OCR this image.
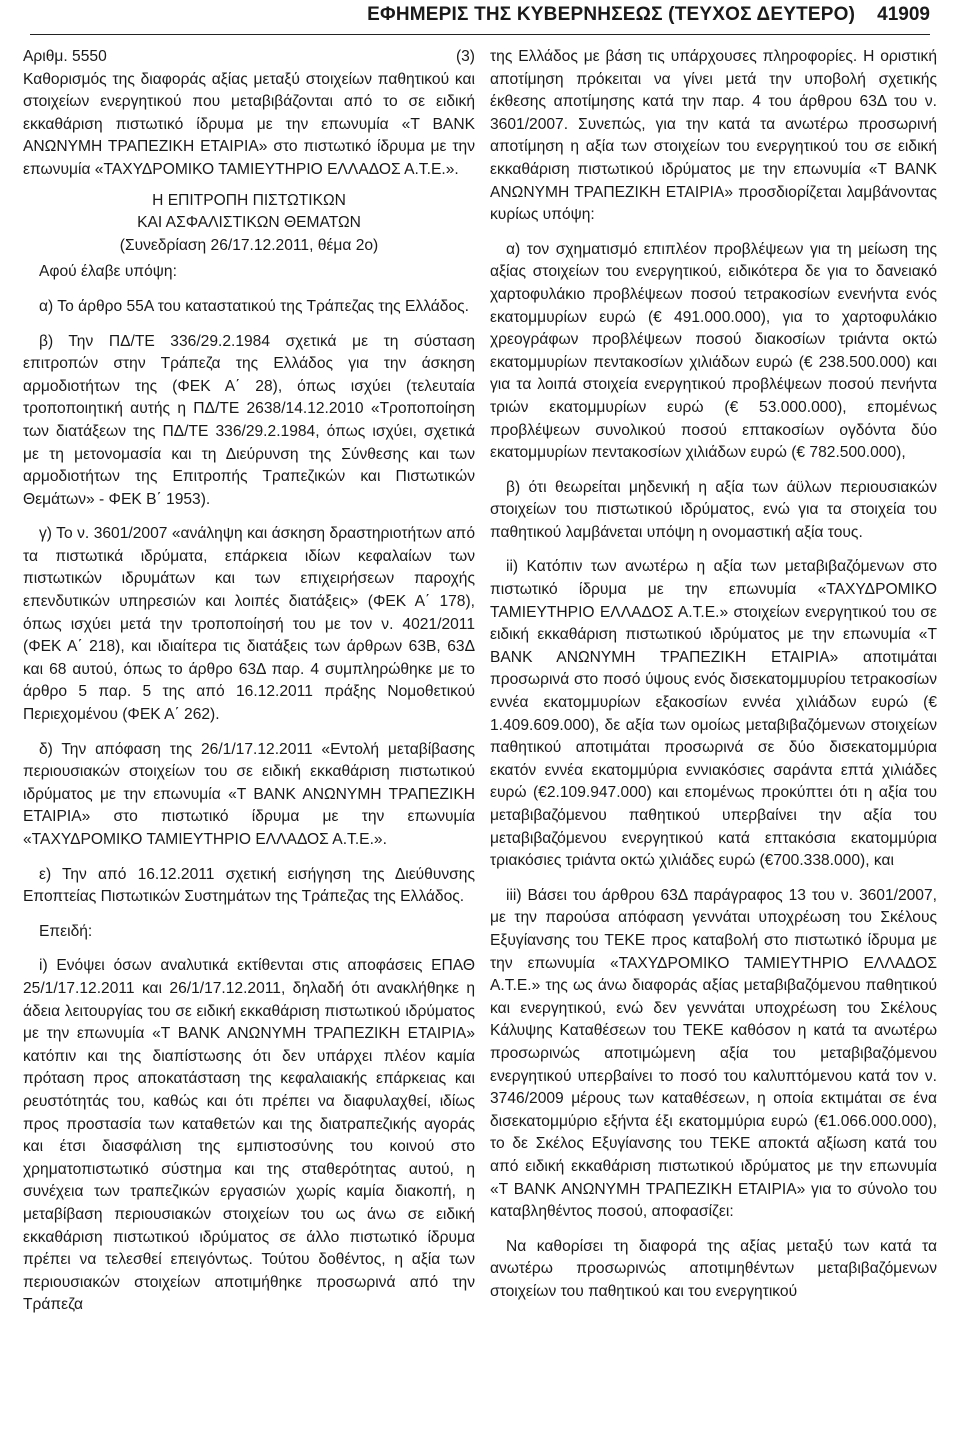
ΕΦΗΜΕΡΙΣ ΤΗΣ ΚΥΒΕΡΝΗΣΕΩΣ (ΤΕΥΧΟΣ ΔΕΥΤΕΡΟ) 41909
Αριθμ. 5550	(3)

Καθορισμός της διαφοράς αξίας μεταξύ στοιχείων παθητικού και στοιχείων ενεργητικού που μεταβιβάζονται από το σε ειδική εκκαθάριση πιστωτικό ίδρυμα με την επωνυμία «Τ ΒΑΝΚ ΑΝΩΝΥΜΗ ΤΡΑΠΕΖΙΚΗ ΕΤΑΙΡΙΑ» στο πιστωτικό ίδρυμα με την επωνυμία «ΤΑΧΥΔΡΟΜΙΚΟ ΤΑΜΙΕΥΤΗΡΙΟ ΕΛΛΑΔΟΣ Α.Τ.Ε.».

Η ΕΠΙΤΡΟΠΗ ΠΙΣΤΩΤΙΚΩΝ
ΚΑΙ ΑΣΦΑΛΙΣΤΙΚΩΝ ΘΕΜΑΤΩΝ
(Συνεδρίαση 26/17.12.2011, θέμα 2ο)

Αφού έλαβε υπόψη:

α) Το άρθρο 55Α του καταστατικού της Τράπεζας της Ελλάδος.

β) Την ΠΔ/ΤΕ 336/29.2.1984 σχετικά με τη σύσταση επιτροπών στην Τράπεζα της Ελλάδος για την άσκηση αρμοδιοτήτων της (ΦΕΚ Α΄ 28), όπως ισχύει (τελευταία τροποποιητική αυτής η ΠΔ/ΤΕ 2638/14.12.2010 «Τροποποίηση των διατάξεων της ΠΔ/ΤΕ 336/29.2.1984, όπως ισχύει, σχετικά με τη μετονομασία και τη Διεύρυνση της Σύνθεσης και των αρμοδιοτήτων της Επιτροπής Τραπεζικών και Πιστωτικών Θεμάτων» - ΦΕΚ Β΄ 1953).

γ) Το ν. 3601/2007 «ανάληψη και άσκηση δραστηριοτήτων από τα πιστωτικά ιδρύματα, επάρκεια ιδίων κεφαλαίων των πιστωτικών ιδρυμάτων και των επιχειρήσεων παροχής επενδυτικών υπηρεσιών και λοιπές διατάξεις» (ΦΕΚ Α΄ 178), όπως ισχύει μετά την τροποποίησή του με τον ν. 4021/2011 (ΦΕΚ Α΄ 218), και ιδιαίτερα τις διατάξεις των άρθρων 63Β, 63Δ και 68 αυτού, όπως το άρθρο 63Δ παρ. 4 συμπληρώθηκε με το άρθρο 5 παρ. 5 της από 16.12.2011 πράξης Νομοθετικού Περιεχομένου (ΦΕΚ Α΄ 262).

δ) Την απόφαση της 26/1/17.12.2011 «Εντολή μεταβίβασης περιουσιακών στοιχείων του σε ειδική εκκαθάριση πιστωτικού ιδρύματος με την επωνυμία «Τ ΒΑΝΚ ΑΝΩΝΥΜΗ ΤΡΑΠΕΖΙΚΗ ΕΤΑΙΡΙΑ» στο πιστωτικό ίδρυμα με την επωνυμία «ΤΑΧΥΔΡΟΜΙΚΟ ΤΑΜΙΕΥΤΗΡΙΟ ΕΛΛΑΔΟΣ Α.Τ.Ε.».

ε) Την από 16.12.2011 σχετική εισήγηση της Διεύθυνσης Εποπτείας Πιστωτικών Συστημάτων της Τράπεζας της Ελλάδος.

Επειδή:

i) Ενόψει όσων αναλυτικά εκτίθενται στις αποφάσεις ΕΠΑΘ 25/1/17.12.2011 και 26/1/17.12.2011, δηλαδή ότι ανακλήθηκε η άδεια λειτουργίας του σε ειδική εκκαθάριση πιστωτικού ιδρύματος με την επωνυμία «Τ ΒΑΝΚ ΑΝΩΝΥΜΗ ΤΡΑΠΕΖΙΚΗ ΕΤΑΙΡΙΑ» κατόπιν και της διαπίστωσης ότι δεν υπάρχει πλέον καμία πρόταση προς αποκατάσταση της κεφαλαιακής επάρκειας και ρευστότητάς του, καθώς και ότι πρέπει να διαφυλαχθεί, ιδίως προς προστασία των καταθετών και της διατραπεζικής αγοράς και έτσι διασφάλιση της εμπιστοσύνης του κοινού στο χρηματοπιστωτικό σύστημα και της σταθερότητας αυτού, η συνέχεια των τραπεζικών εργασιών χωρίς καμία διακοπή, η μεταβίβαση περιουσιακών στοιχείων του ως άνω σε ειδική εκκαθάριση πιστωτικού ιδρύματος σε άλλο πιστωτικό ίδρυμα πρέπει να τελεσθεί επειγόντως. Τούτου δοθέντος, η αξία των περιουσιακών στοιχείων αποτιμήθηκε προσωρινά από την Τράπεζα

της Ελλάδος με βάση τις υπάρχουσες πληροφορίες. Η οριστική αποτίμηση πρόκειται να γίνει μετά την υποβολή σχετικής έκθεσης αποτίμησης κατά την παρ. 4 του άρθρου 63Δ του ν. 3601/2007. Συνεπώς, για την κατά τα ανωτέρω προσωρινή αποτίμηση η αξία των στοιχείων του ενεργητικού του σε ειδική εκκαθάριση πιστωτικού ιδρύματος με την επωνυμία «Τ ΒΑΝΚ ΑΝΩΝΥΜΗ ΤΡΑΠΕΖΙΚΗ ΕΤΑΙΡΙΑ» προσδιορίζεται λαμβάνοντας κυρίως υπόψη:

α) τον σχηματισμό επιπλέον προβλέψεων για τη μείωση της αξίας στοιχείων του ενεργητικού, ειδικότερα δε για το δανειακό χαρτοφυλάκιο προβλέψεων ποσού τετρακοσίων ενενήντα ενός εκατομμυρίων ευρώ (€ 491.000.000), για το χαρτοφυλάκιο χρεογράφων προβλέψεων ποσού διακοσίων τριάντα οκτώ εκατομμυρίων πεντακοσίων χιλιάδων ευρώ (€ 238.500.000) και για τα λοιπά στοιχεία ενεργητικού προβλέψεων ποσού πενήντα τριών εκατομμυρίων ευρώ (€ 53.000.000), επομένως προβλέψεων συνολικού ποσού επτακοσίων ογδόντα δύο εκατομμυρίων πεντακοσίων χιλιάδων ευρώ (€ 782.500.000),

β) ότι θεωρείται μηδενική η αξία των άϋλων περιουσιακών στοιχείων του πιστωτικού ιδρύματος, ενώ για τα στοιχεία του παθητικού λαμβάνεται υπόψη η ονομαστική αξία τους.

ii) Κατόπιν των ανωτέρω η αξία των μεταβιβαζόμενων στο πιστωτικό ίδρυμα με την επωνυμία «ΤΑΧΥΔΡΟΜΙΚΟ ΤΑΜΙΕΥΤΗΡΙΟ ΕΛΛΑΔΟΣ Α.Τ.Ε.» στοιχείων ενεργητικού του σε ειδική εκκαθάριση πιστωτικού ιδρύματος με την επωνυμία «Τ ΒΑΝΚ ΑΝΩΝΥΜΗ ΤΡΑΠΕΖΙΚΗ ΕΤΑΙΡΙΑ» αποτιμάται προσωρινά στο ποσό ύψους ενός δισεκατομμυρίου τετρακοσίων εννέα εκατομμυρίων εξακοσίων εννέα χιλιάδων ευρώ (€ 1.409.609.000), δε αξία των ομοίως μεταβιβαζόμενων στοιχείων παθητικού αποτιμάται προσωρινά σε δύο δισεκατομμύρια εκατόν εννέα εκατομμύρια εννιακόσιες σαράντα επτά χιλιάδες ευρώ (€2.109.947.000) και επομένως προκύπτει ότι η αξία του μεταβιβαζόμενου παθητικού υπερβαίνει την αξία του μεταβιβαζόμενου ενεργητικού κατά επτακόσια εκατομμύρια τριακόσιες τριάντα οκτώ χιλιάδες ευρώ (€700.338.000), και

iii) Βάσει του άρθρου 63Δ παράγραφος 13 του ν. 3601/2007, με την παρούσα απόφαση γεννάται υποχρέωση του Σκέλους Εξυγίανσης του ΤΕΚΕ προς καταβολή στο πιστωτικό ίδρυμα με την επωνυμία «ΤΑΧΥΔΡΟΜΙΚΟ ΤΑΜΙΕΥΤΗΡΙΟ ΕΛΛΑΔΟΣ Α.Τ.Ε.» της ως άνω διαφοράς αξίας μεταβιβαζόμενου παθητικού και ενεργητικού, ενώ δεν γεννάται υποχρέωση του Σκέλους Κάλυψης Καταθέσεων του ΤΕΚΕ καθόσον η κατά τα ανωτέρω προσωρινώς αποτιμώμενη αξία του μεταβιβαζόμενου ενεργητικού υπερβαίνει το ποσό του καλυπτόμενου κατά τον ν. 3746/2009 μέρους των καταθέσεων, η οποία εκτιμάται σε ένα δισεκατομμύριο εξήντα έξι εκατομμύρια ευρώ (€1.066.000.000), το δε Σκέλος Εξυγίανσης του ΤΕΚΕ αποκτά αξίωση κατά του από ειδική εκκαθάριση πιστωτικού ιδρύματος με την επωνυμία «Τ ΒΑΝΚ ΑΝΩΝΥΜΗ ΤΡΑΠΕΖΙΚΗ ΕΤΑΙΡΙΑ» για το σύνολο του καταβληθέντος ποσού, αποφασίζει:

Να καθορίσει τη διαφορά της αξίας μεταξύ των κατά τα ανωτέρω προσωρινώς αποτιμηθέντων μεταβιβαζόμενων στοιχείων του παθητικού και του ενεργητικού
